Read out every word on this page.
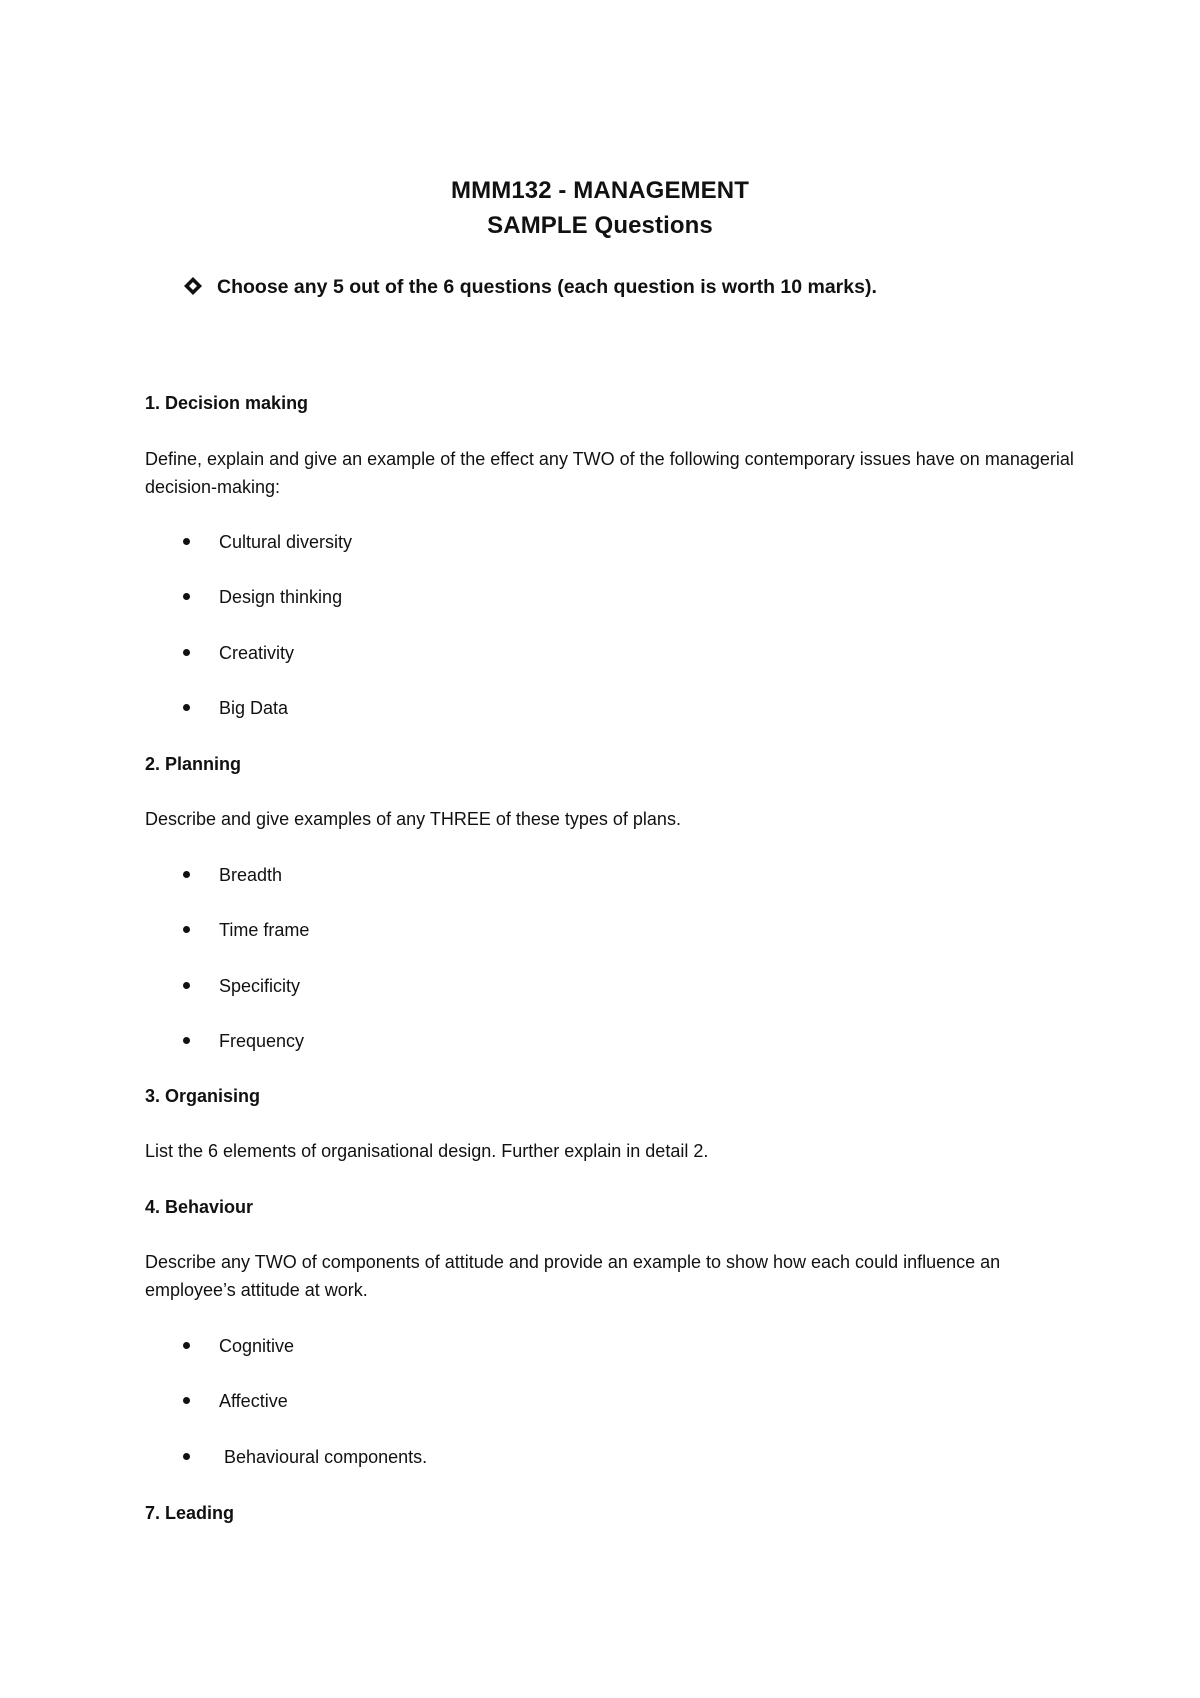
MMM132 - MANAGEMENT
SAMPLE Questions
Choose any 5 out of the 6 questions (each question is worth 10 marks).
1. Decision making
Define, explain and give an example of the effect any TWO of the following contemporary issues have on managerial decision-making:
Cultural diversity
Design thinking
Creativity
Big Data
2. Planning
Describe and give examples of any THREE of these types of plans.
Breadth
Time frame
Specificity
Frequency
3. Organising
List the 6 elements of organisational design. Further explain in detail 2.
4. Behaviour
Describe any TWO of components of attitude and provide an example to show how each could influence an employee’s attitude at work.
Cognitive
Affective
Behavioural components.
7. Leading
